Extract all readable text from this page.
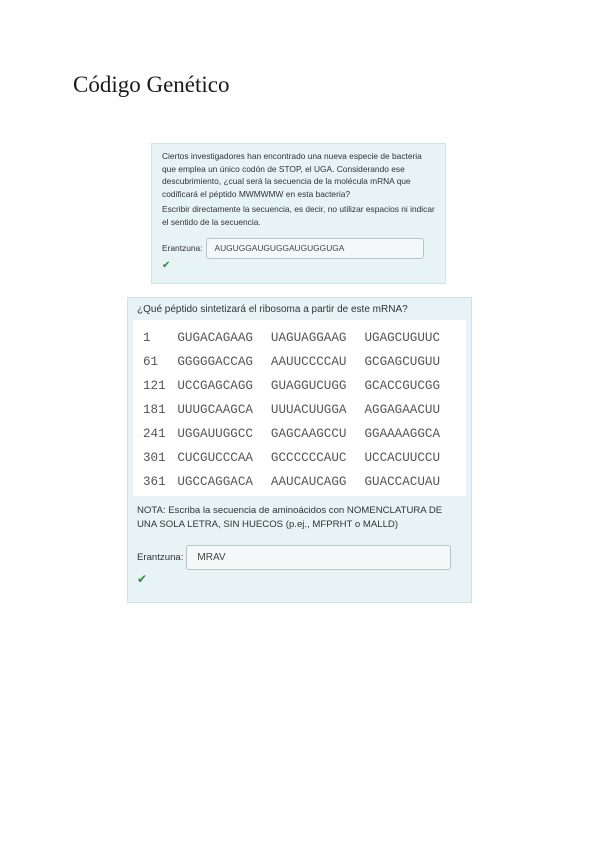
Código Genético

Ciertos investigadores han encontrado una nueva especie de bacteria que emplea un único codón de STOP, el UGA. Considerando ese descubrimiento, ¿cual será la secuencia de la molécula mRNA que codificará el péptido MWMWMW en esta bacteria?

Escribir directamente la secuencia, es decir, no utilizar espacios ni indicar el sentido de la secuencia.

Erantzuna:	AUGUGGAUGUGGAUGUGGUGA
✔

¿Qué péptido sintetizará el ribosoma a partir de este mRNA?

1	GUGACAGAAG	UAGUAGGAAG	UGAGCUGUUC
61	GGGGGACCAG	AAUUCCCCAU	GCGAGCUGUU
121 UCCGAGCAGG	GUAGGUCUGG	GCACCGUCGG
181 UUUGCAAGCA	UUUACUUGGA	AGGAGAACUU
241 UGGAUUGGCC	GAGCAAGCCU	GGAAAAGGCA
301 CUCGUCCCAA	GCCCCCCAUC	UCCACUUCCU
361 UGCCAGGACA	AAUCAUCAGG	GUACCACUAU

NOTA: Escriba la secuencia de aminoácidos con NOMENCLATURA DE UNA SOLA LETRA, SIN HUECOS (p.ej., MFPRHT o MALLD)

Erantzuna:	MRAV
✔
